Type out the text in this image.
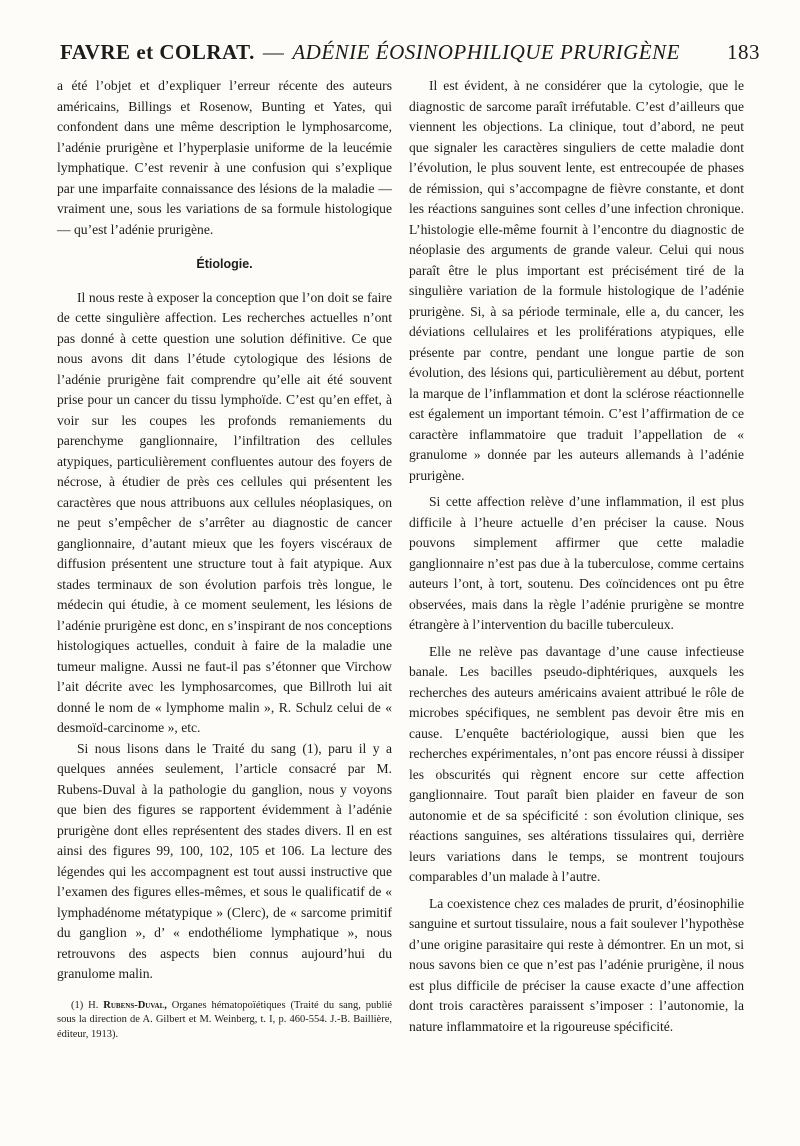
FAVRE et COLRAT. — ADÉNIE ÉOSINOPHILIQUE PRURIGÈNE 183

a été l’objet et d’expliquer l’erreur récente des auteurs américains, Billings et Rosenow, Bunting et Yates, qui confondent dans une même description le lymphosarcome, l’adénie prurigène et l’hyperplasie uniforme de la leucémie lymphatique. C’est revenir à une confusion qui s’explique par une imparfaite connaissance des lésions de la maladie — vraiment une, sous les variations de sa formule histologique — qu’est l’adénie prurigène.

Étiologie.

Il nous reste à exposer la conception que l’on doit se faire de cette singulière affection. Les recherches actuelles n’ont pas donné à cette question une solution définitive. Ce que nous avons dit dans l’étude cytologique des lésions de l’adénie prurigène fait comprendre qu’elle ait été souvent prise pour un cancer du tissu lymphoïde. C’est qu’en effet, à voir sur les coupes les profonds remaniements du parenchyme ganglionnaire, l’infiltration des cellules atypiques, particulièrement confluentes autour des foyers de nécrose, à étudier de près ces cellules qui présentent les caractères que nous attribuons aux cellules néoplasiques, on ne peut s’empêcher de s’arrêter au diagnostic de cancer ganglionnaire, d’autant mieux que les foyers viscéraux de diffusion présentent une structure tout à fait atypique. Aux stades terminaux de son évolution parfois très longue, le médecin qui étudie, à ce moment seulement, les lésions de l’adénie prurigène est donc, en s’inspirant de nos conceptions histologiques actuelles, conduit à faire de la maladie une tumeur maligne. Aussi ne faut-il pas s’étonner que Virchow l’ait décrite avec les lymphosarcomes, que Billroth lui ait donné le nom de « lymphome malin », R. Schulz celui de « desmoïd-carcinome », etc.

Si nous lisons dans le Traité du sang (1), paru il y a quelques années seulement, l’article consacré par M. Rubens-Duval à la pathologie du ganglion, nous y voyons que bien des figures se rapportent évidemment à l’adénie prurigène dont elles représentent des stades divers. Il en est ainsi des figures 99, 100, 102, 105 et 106. La lecture des légendes qui les accompagnent est tout aussi instructive que l’examen des figures elles-mêmes, et sous le qualificatif de « lymphadénome métatypique » (Clerc), de « sarcome primitif du ganglion », d’ « endothéliome lymphatique », nous retrouvons des aspects bien connus aujourd’hui du granulome malin.

(1) H. Rubens-Duval, Organes hématopoïétiques (Traité du sang, publié sous la direction de A. Gilbert et M. Weinberg, t. I, p. 460-554. J.-B. Baillière, éditeur, 1913).

Il est évident, à ne considérer que la cytologie, que le diagnostic de sarcome paraît irréfutable. C’est d’ailleurs que viennent les objections. La clinique, tout d’abord, ne peut que signaler les caractères singuliers de cette maladie dont l’évolution, le plus souvent lente, est entrecoupée de phases de rémission, qui s’accompagne de fièvre constante, et dont les réactions sanguines sont celles d’une infection chronique. L’histologie elle-même fournit à l’encontre du diagnostic de néoplasie des arguments de grande valeur. Celui qui nous paraît être le plus important est précisément tiré de la singulière variation de la formule histologique de l’adénie prurigène. Si, à sa période terminale, elle a, du cancer, les déviations cellulaires et les proliférations atypiques, elle présente par contre, pendant une longue partie de son évolution, des lésions qui, particulièrement au début, portent la marque de l’inflammation et dont la sclérose réactionnelle est également un important témoin. C’est l’affirmation de ce caractère inflammatoire que traduit l’appellation de « granulome » donnée par les auteurs allemands à l’adénie prurigène.

Si cette affection relève d’une inflammation, il est plus difficile à l’heure actuelle d’en préciser la cause. Nous pouvons simplement affirmer que cette maladie ganglionnaire n’est pas due à la tuberculose, comme certains auteurs l’ont, à tort, soutenu. Des coïncidences ont pu être observées, mais dans la règle l’adénie prurigène se montre étrangère à l’intervention du bacille tuberculeux.

Elle ne relève pas davantage d’une cause infectieuse banale. Les bacilles pseudo-diphtériques, auxquels les recherches des auteurs américains avaient attribué le rôle de microbes spécifiques, ne semblent pas devoir être mis en cause. L’enquête bactériologique, aussi bien que les recherches expérimentales, n’ont pas encore réussi à dissiper les obscurités qui règnent encore sur cette affection ganglionnaire. Tout paraît bien plaider en faveur de son autonomie et de sa spécificité : son évolution clinique, ses réactions sanguines, ses altérations tissulaires qui, derrière leurs variations dans le temps, se montrent toujours comparables d’un malade à l’autre.

La coexistence chez ces malades de prurit, d’éosinophilie sanguine et surtout tissulaire, nous a fait soulever l’hypothèse d’une origine parasitaire qui reste à démontrer. En un mot, si nous savons bien ce que n’est pas l’adénie prurigène, il nous est plus difficile de préciser la cause exacte d’une affection dont trois caractères paraissent s’imposer : l’autonomie, la nature inflammatoire et la rigoureuse spécificité.
